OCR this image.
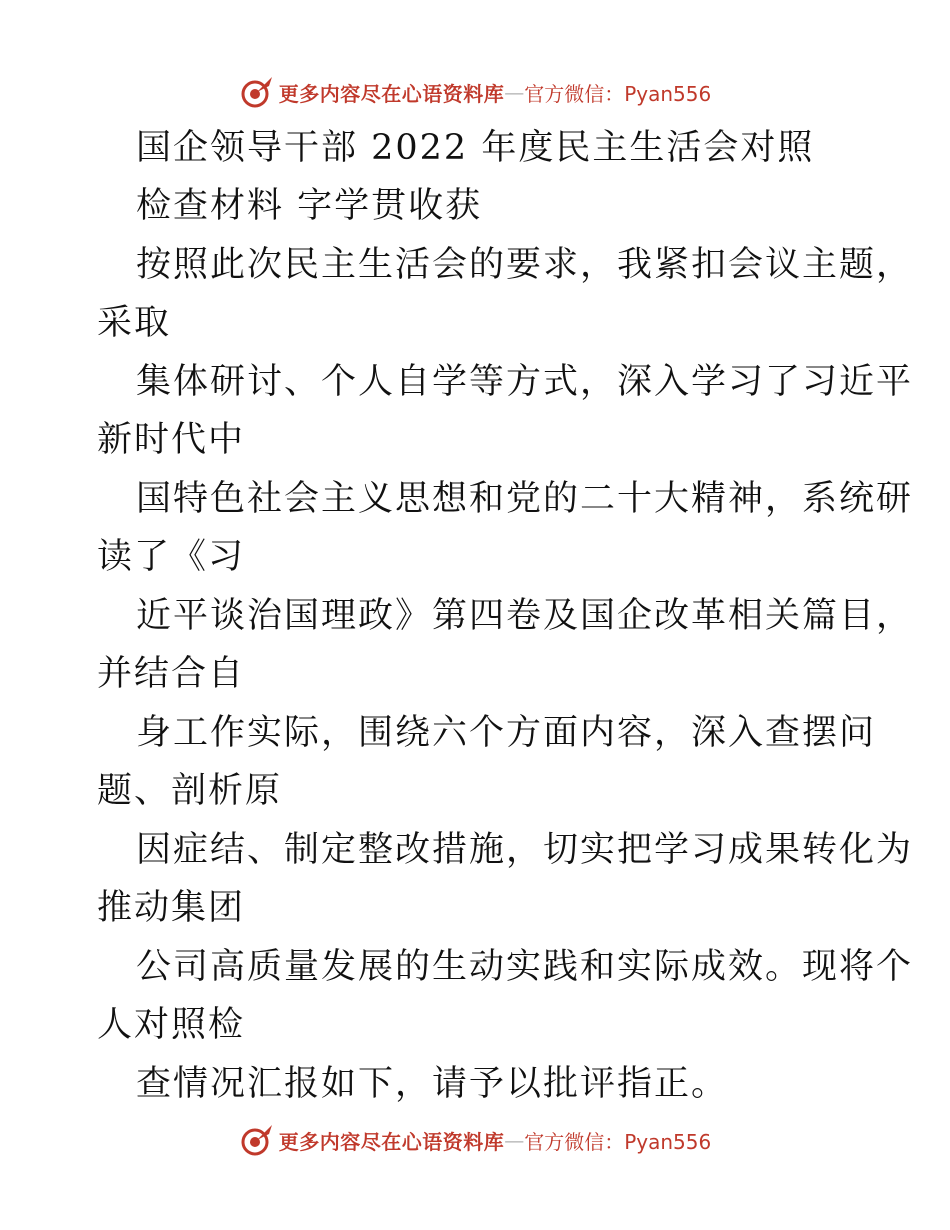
更多内容尽在心语资料库 — 官方微信：Pyan556
国企领导干部 2022 年度民主生活会对照
检查材料 字学贯收获
按照此次民主生活会的要求，我紧扣会议主题，
采取
集体研讨、个人自学等方式，深入学习了习近平
新时代中
国特色社会主义思想和党的二十大精神，系统研
读了《习
近平谈治国理政》第四卷及国企改革相关篇目，
并结合自
身工作实际，围绕六个方面内容，深入查摆问
题、剖析原
因症结、制定整改措施，切实把学习成果转化为
推动集团
公司高质量发展的生动实践和实际成效。现将个
人对照检
查情况汇报如下，请予以批评指正。
更多内容尽在心语资料库 — 官方微信：Pyan556
